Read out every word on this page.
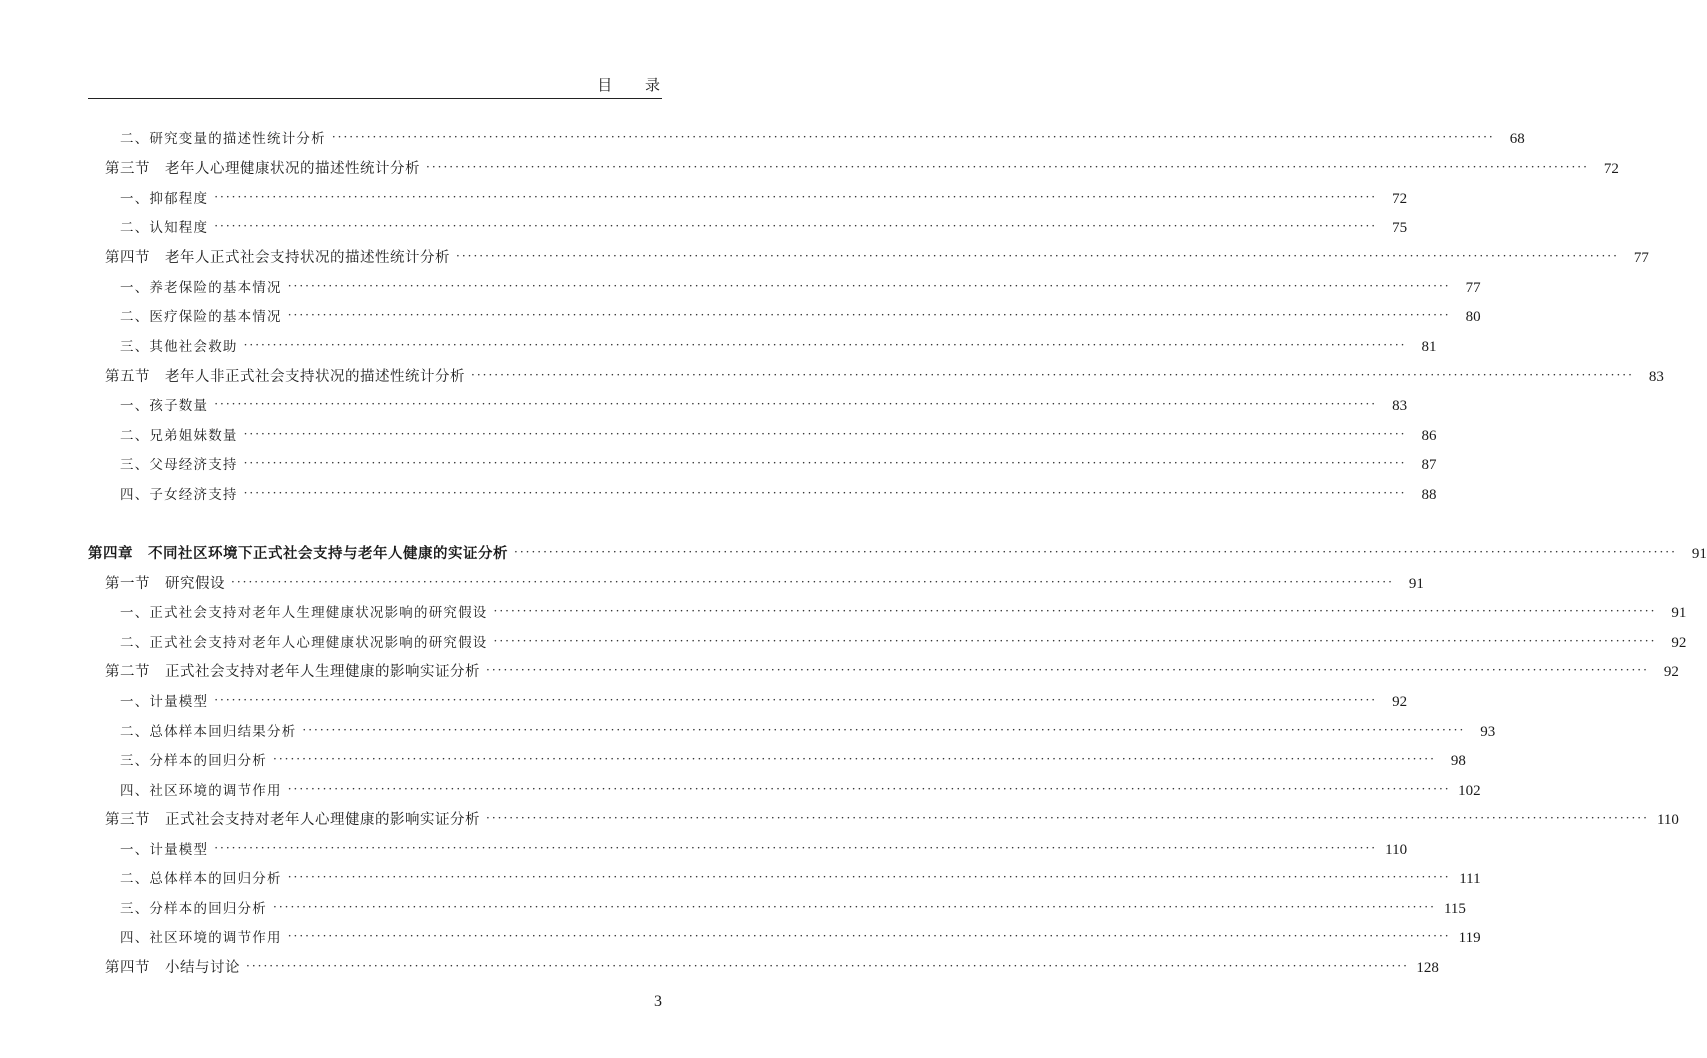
目 录
二、研究变量的描述性统计分析 ········································································································································································································	68
第三节　老年人心理健康状况的描述性统计分析 ········································································································································································································	72
一、抑郁程度 ········································································································································································································	72
二、认知程度 ········································································································································································································	75
第四节　老年人正式社会支持状况的描述性统计分析 ········································································································································································································	77
一、养老保险的基本情况 ········································································································································································································	77
二、医疗保险的基本情况 ········································································································································································································	80
三、其他社会救助 ········································································································································································································	81
第五节　老年人非正式社会支持状况的描述性统计分析 ········································································································································································································	83
一、孩子数量 ········································································································································································································	83
二、兄弟姐妹数量 ········································································································································································································	86
三、父母经济支持 ········································································································································································································	87
四、子女经济支持 ········································································································································································································	88
第四章　不同社区环境下正式社会支持与老年人健康的实证分析 ········································································································································································································	91
第一节　研究假设 ········································································································································································································	91
一、正式社会支持对老年人生理健康状况影响的研究假设 ········································································································································································································	91
二、正式社会支持对老年人心理健康状况影响的研究假设 ········································································································································································································	92
第二节　正式社会支持对老年人生理健康的影响实证分析 ········································································································································································································	92
一、计量模型 ········································································································································································································	92
二、总体样本回归结果分析 ········································································································································································································	93
三、分样本的回归分析 ········································································································································································································	98
四、社区环境的调节作用 ········································································································································································································ 102
第三节　正式社会支持对老年人心理健康的影响实证分析 ········································································································································································································ 110
一、计量模型 ········································································································································································································ 110
二、总体样本的回归分析 ········································································································································································································ 111
三、分样本的回归分析 ········································································································································································································ 115
四、社区环境的调节作用 ········································································································································································································ 119
第四节　小结与讨论 ········································································································································································································ 128
3
